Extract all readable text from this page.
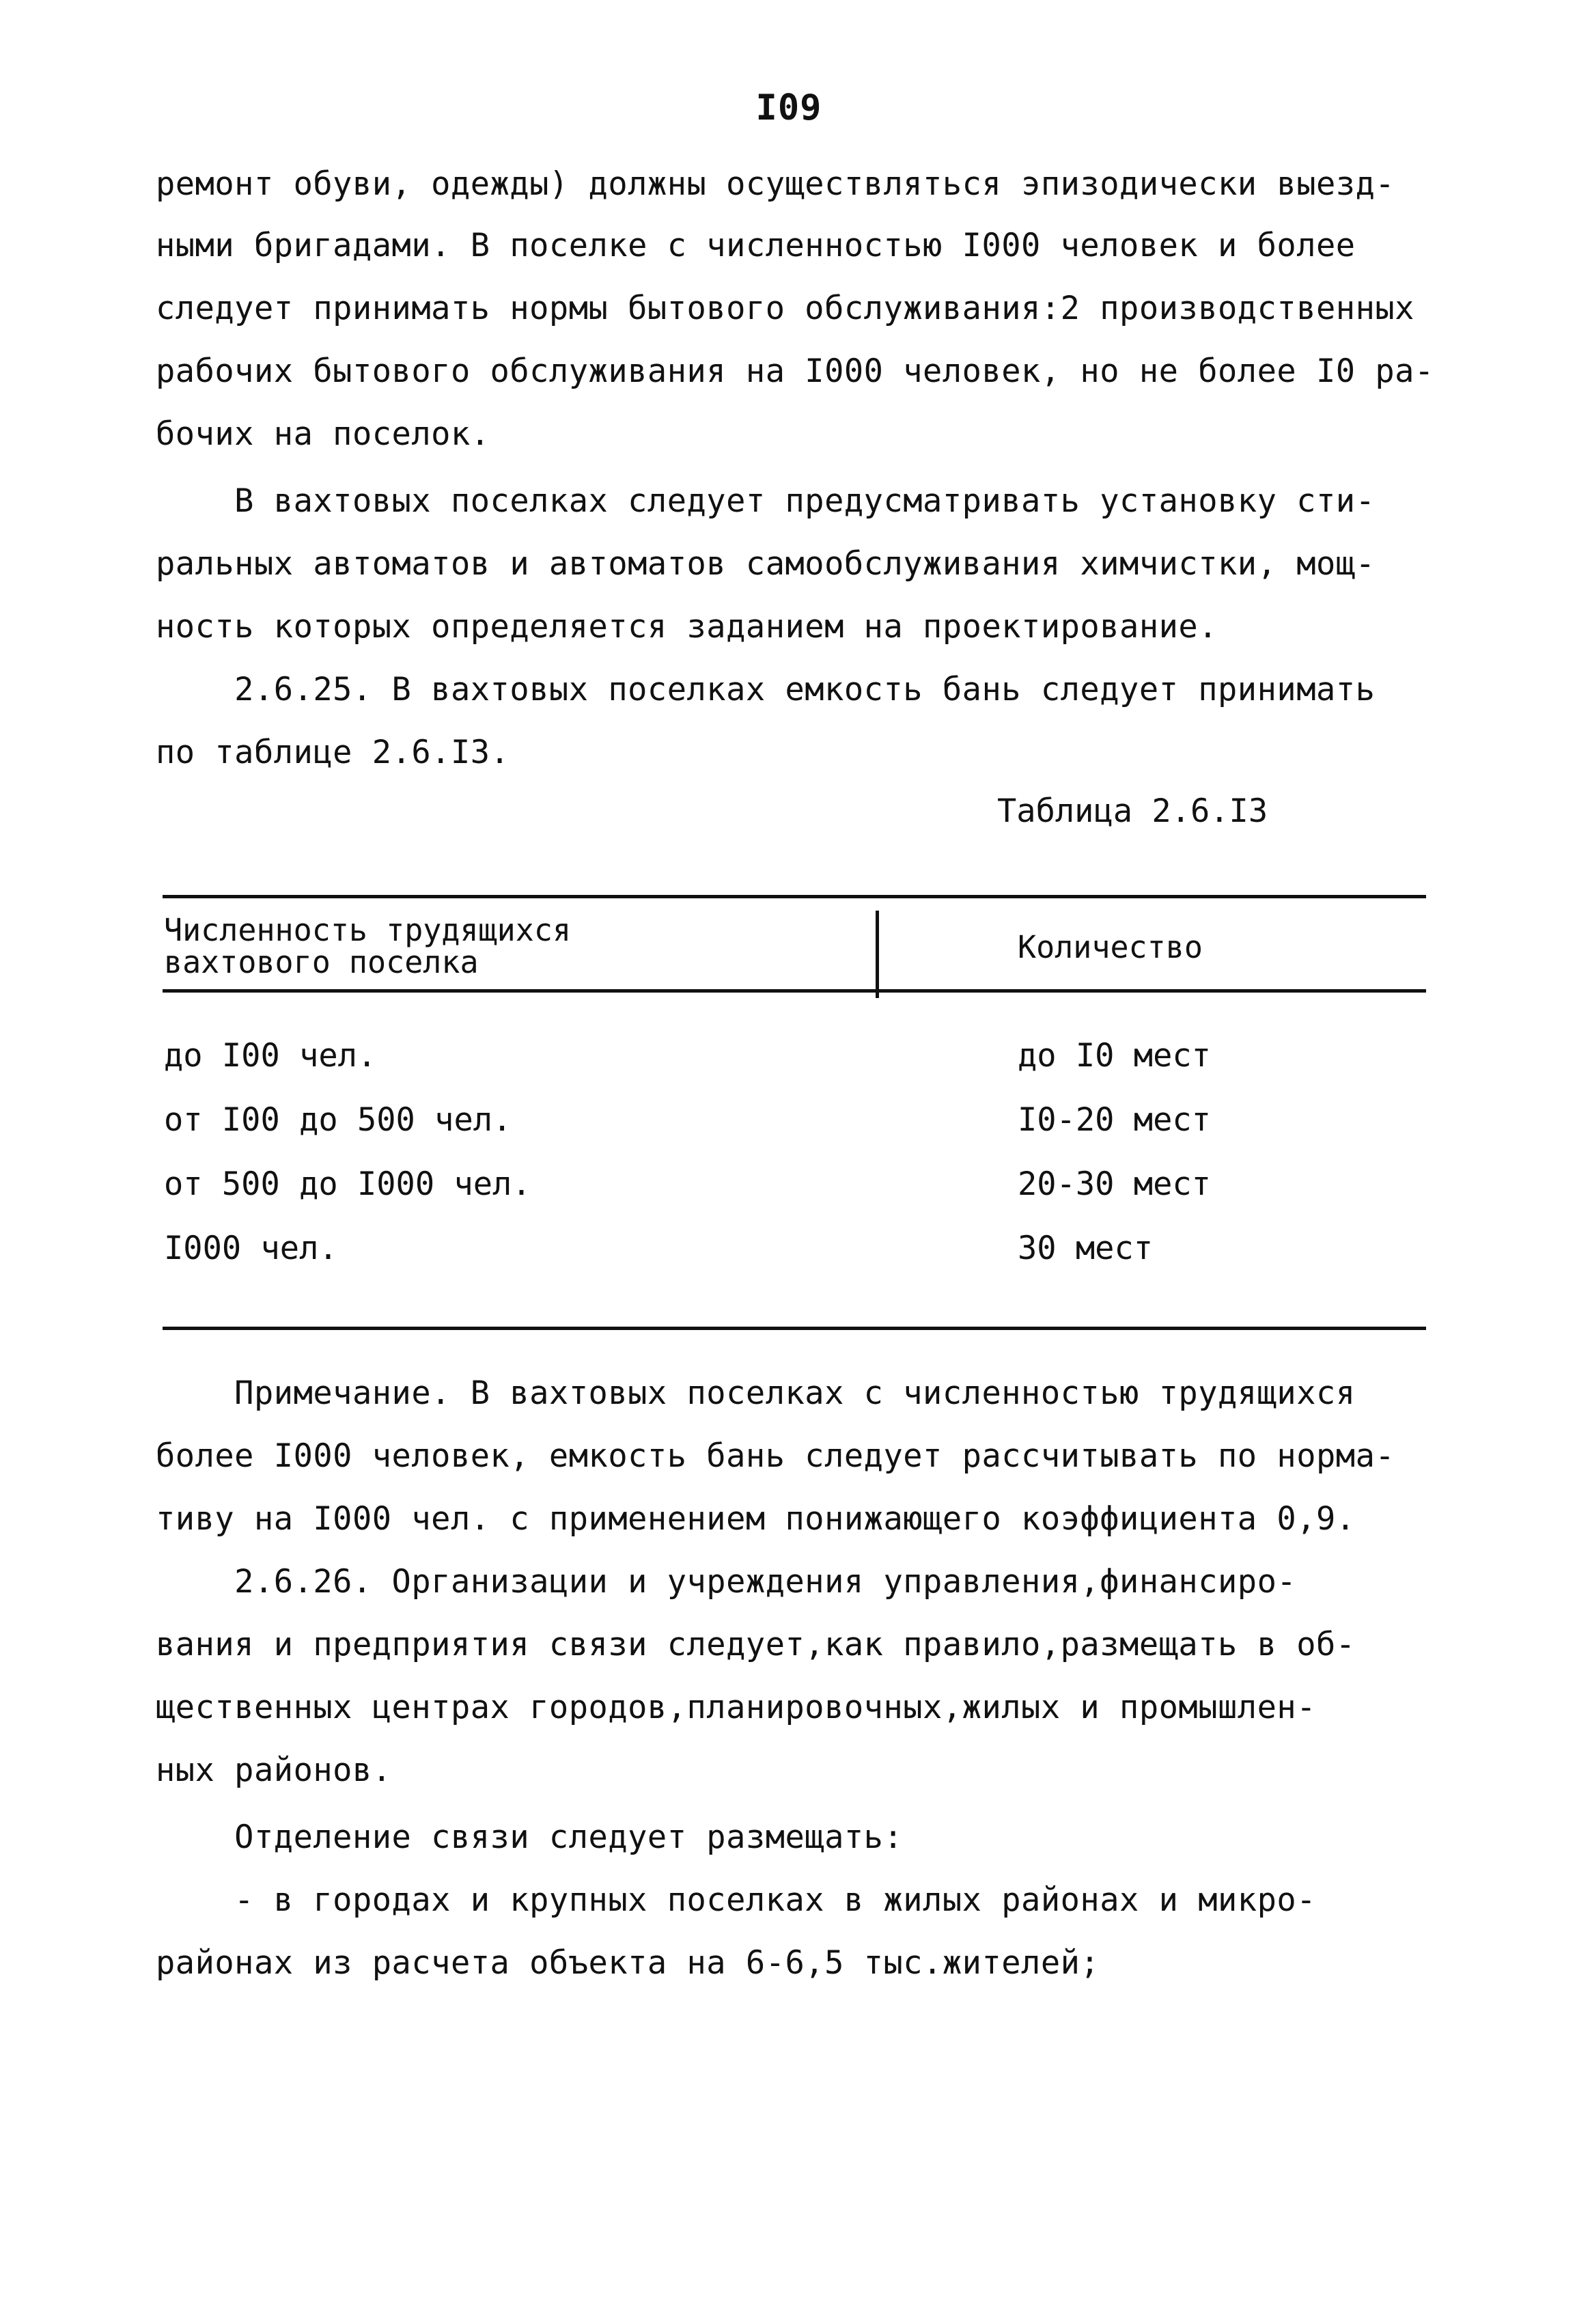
I09
ремонт обуви, одежды) должны осуществляться эпизодически выезд-
ными бригадами. В поселке с численностью I000 человек и более
следует принимать нормы бытового обслуживания:2 производственных
рабочих бытового обслуживания на I000 человек, но не более I0 ра-
бочих на поселок.
В вахтовых поселках следует предусматривать установку сти-
ральных автоматов и автоматов самообслуживания химчистки, мощ-
ность которых определяется заданием на проектирование.
2.6.25. В вахтовых поселках емкость бань следует принимать
по таблице 2.6.I3.
Таблица 2.6.I3
Численность трудящихся
вахтового поселка	Количество
до I00 чел.	до I0 мест
от I00 до 500 чел.	I0-20 мест
от 500 до I000 чел.	20-30 мест
I000 чел.	30 мест
Примечание. В вахтовых поселках с численностью трудящихся
более I000 человек, емкость бань следует рассчитывать по норма-
тиву на I000 чел. с применением понижающего коэффициента 0,9.
2.6.26. Организации и учреждения управления,финансиро-
вания и предприятия связи следует,как правило,размещать в об-
щественных центрах городов,планировочных,жилых и промышлен-
ных районов.
Отделение связи следует размещать:
- в городах и крупных поселках в жилых районах и микро-
районах из расчета объекта на 6-6,5 тыс.жителей;
